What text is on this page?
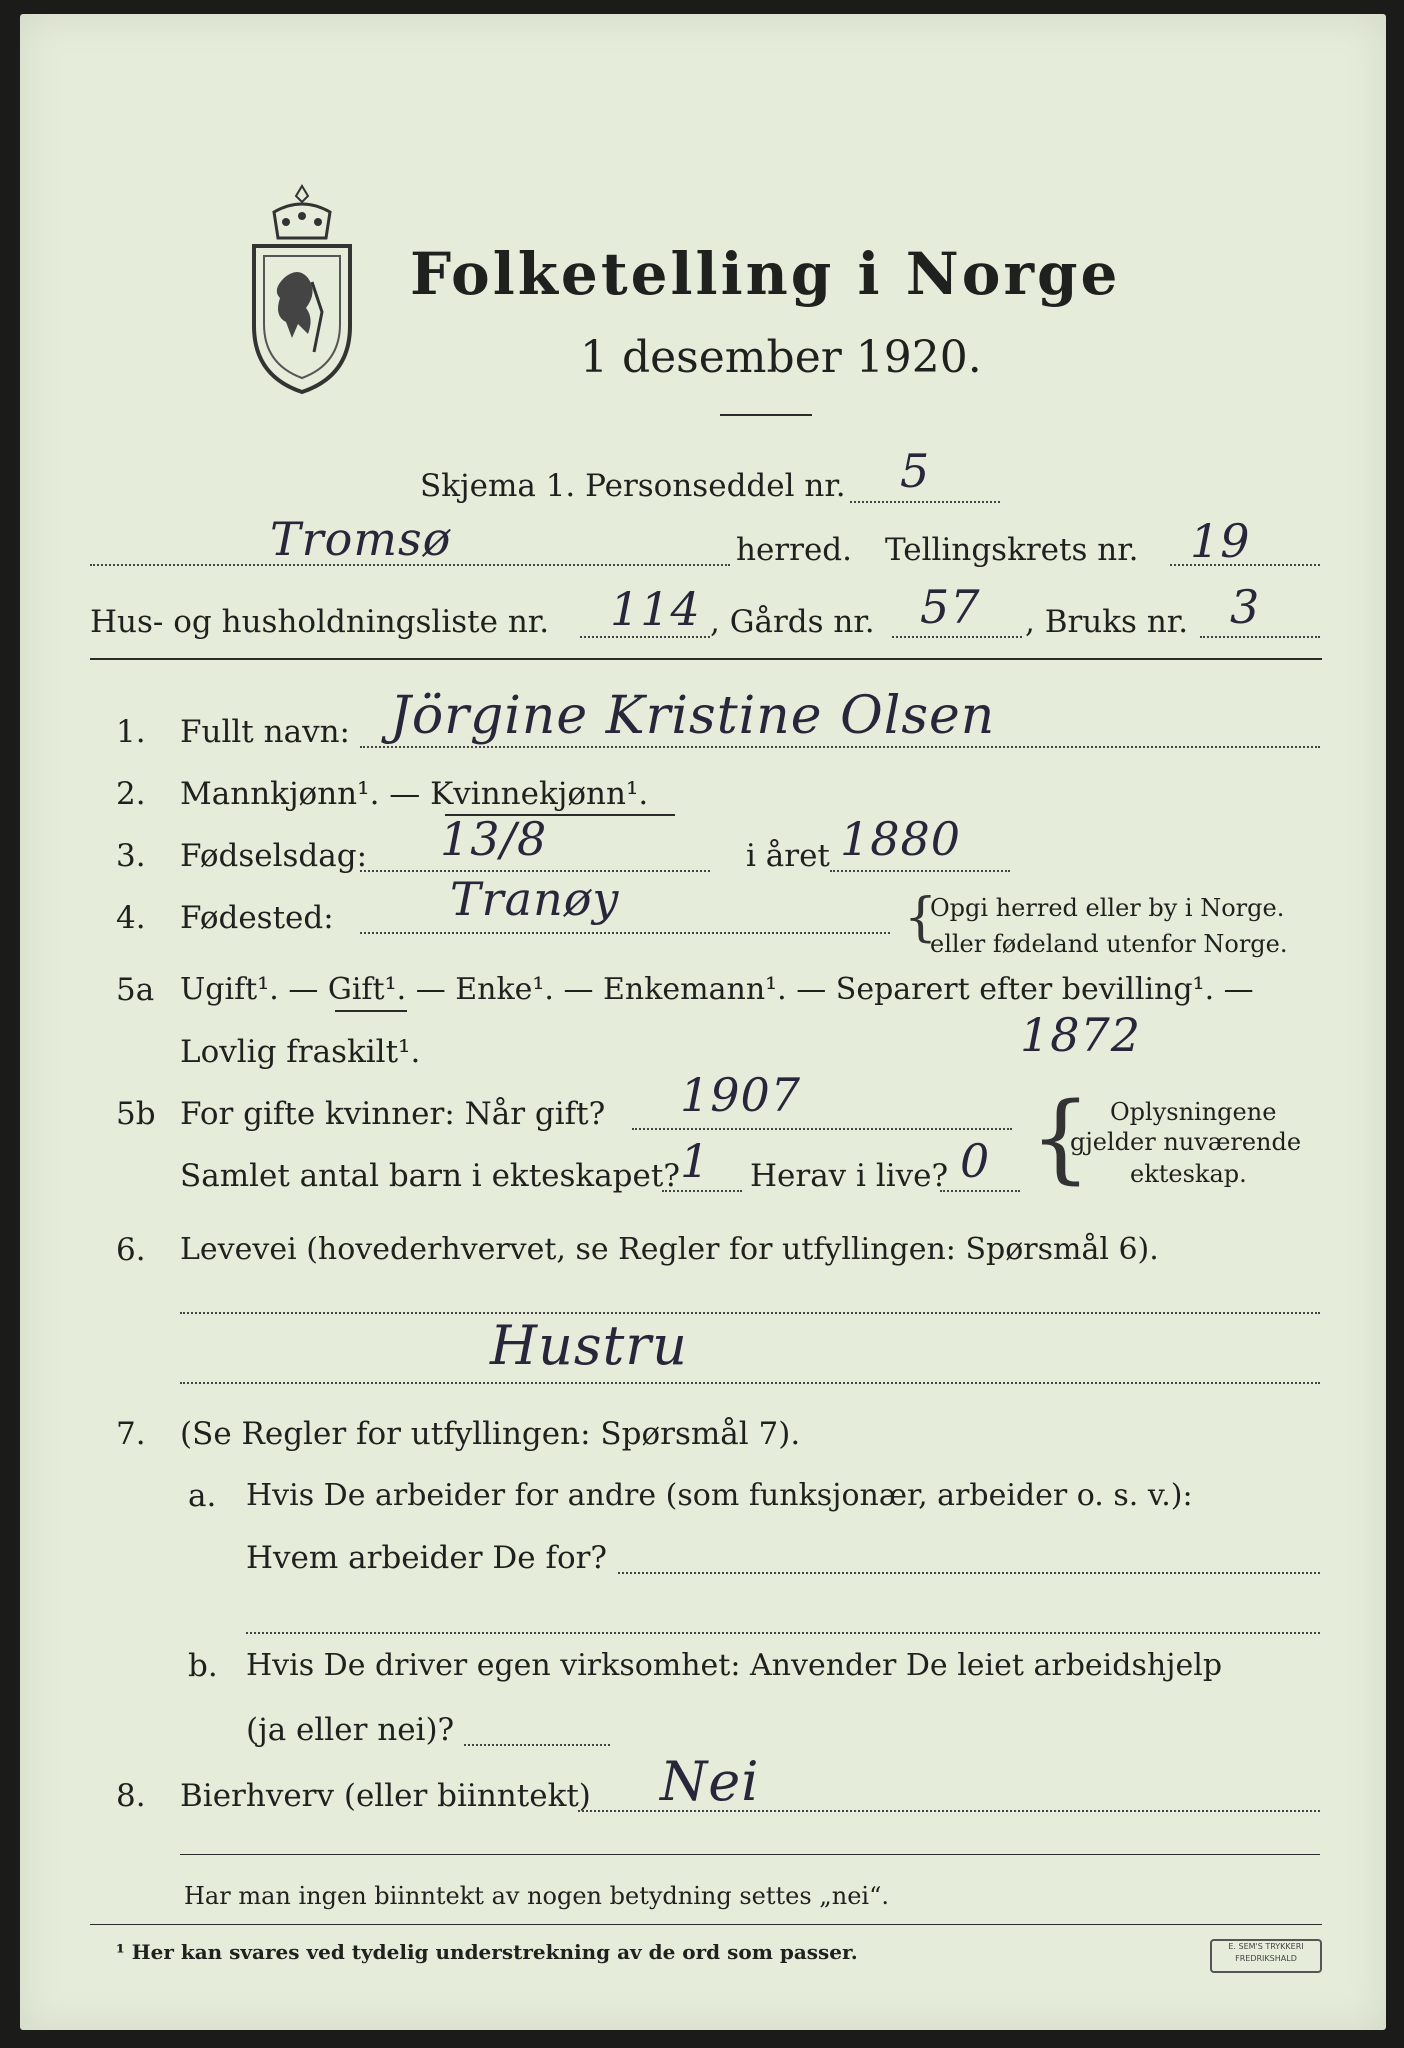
Folketelling i Norge
1 desember 1920.
Skjema 1. Personseddel nr. 5
Tromsø	herred. Tellingskrets nr. 19
Hus- og husholdningsliste nr. 114 , Gårds nr. 57 , Bruks nr. 3
1.	Fullt navn: Jörgine Kristine Olsen
2.	Mannkjønn¹. — Kvinnekjønn¹.
3.	Fødselsdag: 13/8	i året 1880
4.	Fødested:	Tranøy	{
Opgi herred eller by i Norge.
eller fødeland utenfor Norge.
5a Ugift¹. — Gift¹. — Enke¹. — Enkemann¹. — Separert efter bevilling¹. —
Lovlig fraskilt¹.	1872
5b For gifte kvinner: Når gift? 1907
Samlet antal barn i ekteskapet? 1 Herav i live? 0 { Oplysningene
gjelder nuværende
ekteskap.
6.	Levevei (hovederhvervet, se Regler for utfyllingen: Spørsmål 6).
Hustru
7.	(Se Regler for utfyllingen: Spørsmål 7).
a. Hvis De arbeider for andre (som funksjonær, arbeider o. s. v.):
Hvem arbeider De for?
b. Hvis De driver egen virksomhet: Anvender De leiet arbeidshjelp
(ja eller nei)?
8.	Bierhverv (eller biinntekt) Nei
Har man ingen biinntekt av nogen betydning settes „nei“.
¹ Her kan svares ved tydelig understrekning av de ord som passer.	E. SEM'S TRYKKERI FREDRIKSHALD
